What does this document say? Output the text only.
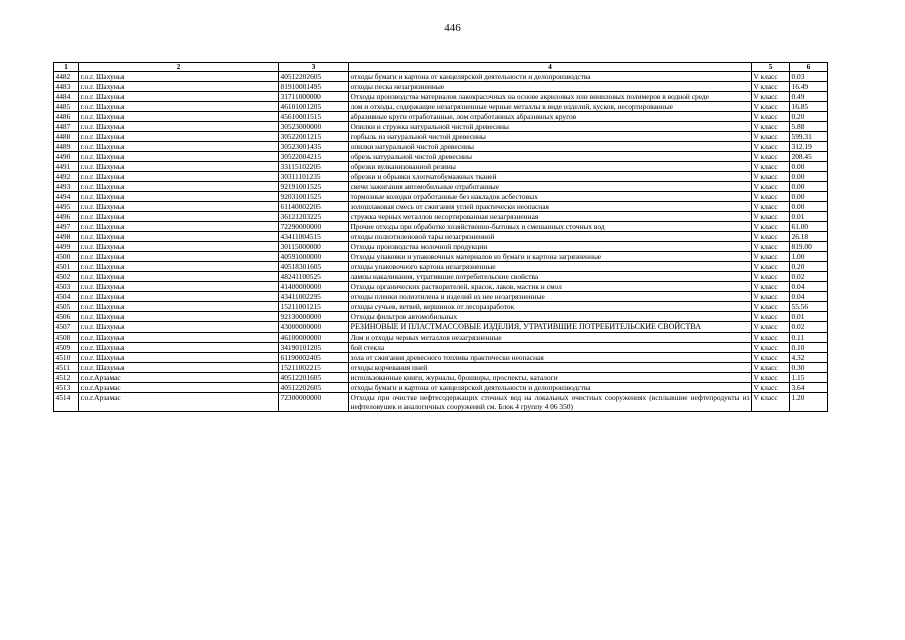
446
1	2	3	4	5	6
4482	г.о.г. Шахунья	40512202605	отходы бумаги и картона от канцелярской деятельности и делопроизводства	V класс	0.03
4483	г.о.г. Шахунья	81910001495	отходы песка незагрязненные	V класс	16.49
4484	г.о.г. Шахунья	31711000000	Отходы производства материалов лакокрасочных на основе акриловых или виниловых полимеров в водной среде	V класс	0.49
4485	г.о.г. Шахунья	46101001205	лом и отходы, содержащие незагрязненные черные металлы в виде изделий, кусков, несортированные	V класс	16.85
4486	г.о.г. Шахунья	45610001515	абразивные круги отработанные, лом отработанных абразивных кругов	V класс	0.20
4487	г.о.г. Шахунья	30523000000	Опилки и стружка натуральной чистой древесины	V класс	5.88
4488	г.о.г. Шахунья	30522001215	горбыль из натуральной чистой древесины	V класс	599.31
4489	г.о.г. Шахунья	30523001435	опилки натуральной чистой древесины	V класс	312.19
4490	г.о.г. Шахунья	30522004215	обрезь натуральной чистой древесины	V класс	208.45
4491	г.о.г. Шахунья	33115102205	обрезки вулканизованной резины	V класс	0.00
4492	г.о.г. Шахунья	30311101235	обрезки и обрывки хлопчатобумажных тканей	V класс	0.00
4493	г.о.г. Шахунья	92191001525	свечи зажигания автомобильные отработанные	V класс	0.00
4494	г.о.г. Шахунья	92031001525	тормозные колодки отработанные без накладок асбестовых	V класс	0.00
4495	г.о.г. Шахунья	61140002205	золошлаковая смесь от сжигания углей практически неопасная	V класс	0.00
4496	г.о.г. Шахунья	36121203225	стружка черных металлов несортированная незагрязненная	V класс	0.01
4497	г.о.г. Шахунья	72290000000	Прочие отходы при обработке хозяйственно-бытовых и смешанных сточных вод	V класс	61.00
4498	г.о.г. Шахунья	43411004515	отходы полиэтиленовой тары незагрязненной	V класс	26.18
4499	г.о.г. Шахунья	30115000000	Отходы производства молочной продукции	V класс	819.00
4500	г.о.г. Шахунья	40591000000	Отходы упаковки и упаковочных материалов из бумаги и картона загрязненные	V класс	1.00
4501	г.о.г. Шахунья	40518301605	отходы упаковочного картона незагрязненные	V класс	0.20
4502	г.о.г. Шахунья	48241100525	лампы накаливания, утратившие потребительские свойства	V класс	0.02
4503	г.о.г. Шахунья	41400000000	Отходы органических растворителей, красок, лаков, мастик и смол	V класс	0.04
4504	г.о.г. Шахунья	43411002295	отходы пленки полиэтилена и изделий из нее незагрязненные	V класс	0.04
4505	г.о.г. Шахунья	15211001215	отходы сучьев, ветвей, вершинок от лесоразработок	V класс	55.56
4506	г.о.г. Шахунья	92130000000	Отходы фильтров автомобильных	V класс	0.01
4507	г.о.г. Шахунья	43000000000	РЕЗИНОВЫЕ И ПЛАСТМАССОВЫЕ ИЗДЕЛИЯ, УТРАТИВШИЕ ПОТРЕБИТЕЛЬСКИЕ СВОЙСТВА	V класс	0.02
4508	г.о.г. Шахунья	46100000000	Лом и отходы черных металлов незагрязненные	V класс	0.11
4509	г.о.г. Шахунья	34190101205	бой стекла	V класс	0.10
4510	г.о.г. Шахунья	61190002405	зола от сжигания древесного топлива практически неопасная	V класс	4.32
4511	г.о.г. Шахунья	15211002215	отходы корчевания пней	V класс	0.30
4512	г.о.г.Арзамас	40512201605	использованные книги, журналы, брошюры, проспекты, каталоги	V класс	1.15
4513	г.о.г.Арзамас	40512202605	отходы бумаги и картона от канцелярской деятельности и делопроизводства	V класс	3.64
4514	г.о.г.Арзамас	72300000000	Отходы при очистке нефтесодержащих сточных вод на локальных очистных сооружениях (всплывшие нефтепродукты из нефтеловушек и аналогичных сооружений см. Блок 4 группу 4 06 350)	V класс	1.20
